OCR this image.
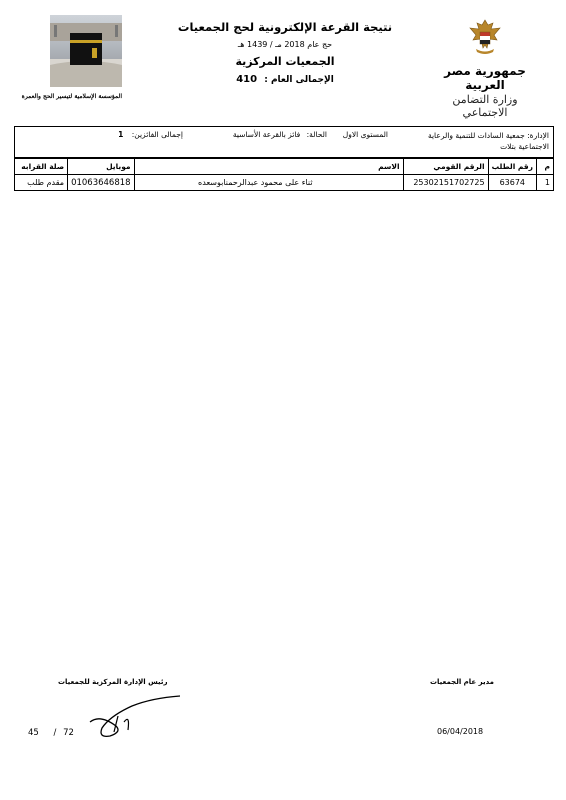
نتيجة القرعة الإلكترونية لحج الجمعيات
حج عام 2018 مـ / 1439 هـ
الجمعيات المركزية
الإجمالى العام : 410
جمهورية مصر العربية
وزارة التضامن الاجتماعي
المؤسسة الإسلامية لتيسير الحج والعمرة
الإدارة: جمعية السادات للتنمية والرعاية الاجتماعية بتلات
المستوى الاول
الحالة: فائز بالقرعة الأساسية
إجمالى الفائزين: 1
م	رقم الطلب	الرقم القومي	الاسم	موبايل	صلة القرابه
1	63674	25302151702725	ثناء على محمود عبدالرحمنابوسعده	01063646818	مقدم طلب
مدير عام الجمعيات
رئيس الإدارة المركزية للجمعيات
06/04/2018
45 / 72
